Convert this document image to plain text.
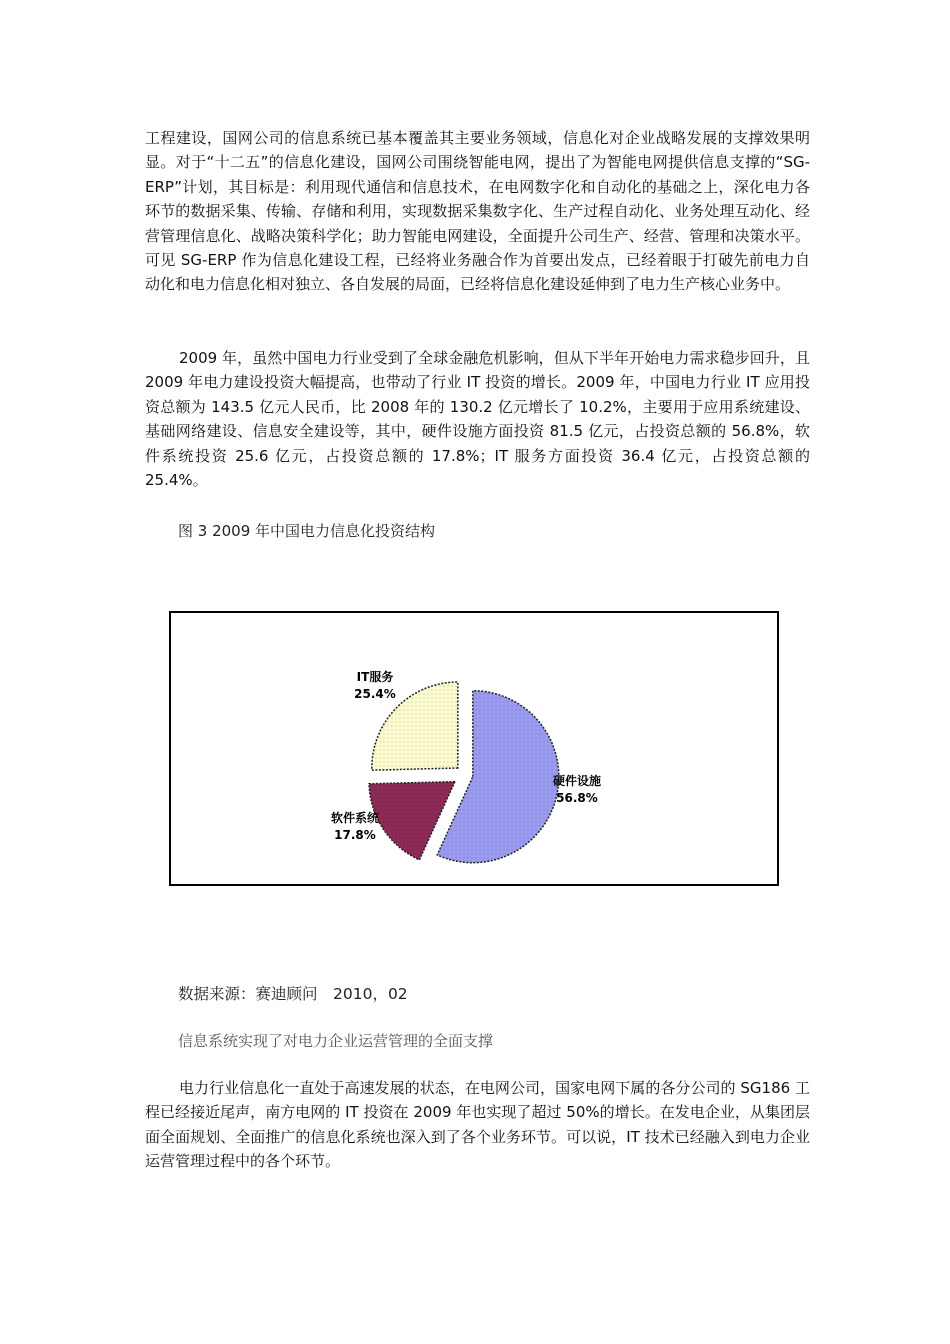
工程建设，国网公司的信息系统已基本覆盖其主要业务领域，信息化对企业战略发展的支撑效果明显。对于“十二五”的信息化建设，国网公司围绕智能电网，提出了为智能电网提供信息支撑的“SG-ERP”计划，其目标是：利用现代通信和信息技术，在电网数字化和自动化的基础之上，深化电力各环节的数据采集、传输、存储和利用，实现数据采集数字化、生产过程自动化、业务处理互动化、经营管理信息化、战略决策科学化；助力智能电网建设，全面提升公司生产、经营、管理和决策水平。可见 SG-ERP 作为信息化建设工程，已经将业务融合作为首要出发点，已经着眼于打破先前电力自动化和电力信息化相对独立、各自发展的局面，已经将信息化建设延伸到了电力生产核心业务中。

2009 年，虽然中国电力行业受到了全球金融危机影响，但从下半年开始电力需求稳步回升，且 2009 年电力建设投资大幅提高，也带动了行业 IT 投资的增长。2009 年，中国电力行业 IT 应用投资总额为 143.5 亿元人民币，比 2008 年的 130.2 亿元增长了 10.2%，主要用于应用系统建设、基础网络建设、信息安全建设等，其中，硬件设施方面投资 81.5 亿元，占投资总额的 56.8%，软件系统投资 25.6 亿元，占投资总额的 17.8%；IT 服务方面投资 36.4 亿元，占投资总额的 25.4%。

图 3 2009 年中国电力信息化投资结构

硬件设施
56.8%
软件系统
17.8%
IT服务
25.4%

数据来源：赛迪顾问　2010，02

信息系统实现了对电力企业运营管理的全面支撑

电力行业信息化一直处于高速发展的状态，在电网公司，国家电网下属的各分公司的 SG186 工程已经接近尾声，南方电网的 IT 投资在 2009 年也实现了超过 50%的增长。在发电企业，从集团层面全面规划、全面推广的信息化系统也深入到了各个业务环节。可以说，IT 技术已经融入到电力企业运营管理过程中的各个环节。
